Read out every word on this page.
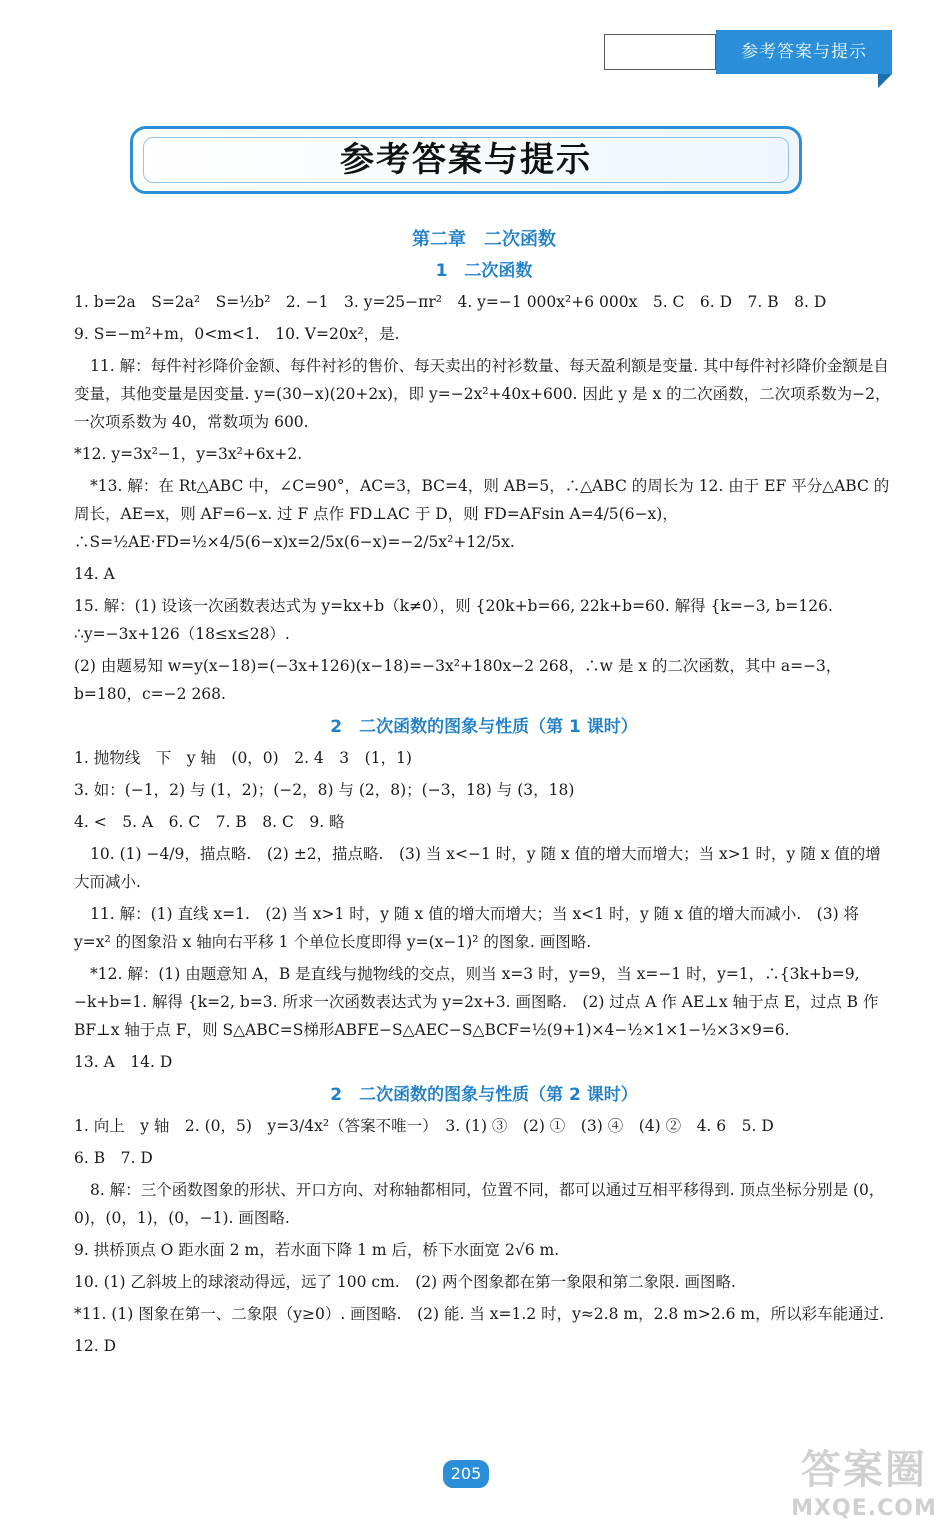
参考答案与提示
参考答案与提示
第二章　二次函数
1　二次函数

1. b=2a　S=2a²　S=½b²　2. −1　3. y=25−πr²　4. y=−1 000x²+6 000x　5. C　6. D　7. B　8. D

9. S=−m²+m，0<m<1.　10. V=20x²，是.

11. 解：每件衬衫降价金额、每件衬衫的售价、每天卖出的衬衫数量、每天盈利额是变量. 其中每件衬衫降价金额是自变量，其他变量是因变量. y=(30−x)(20+2x)，即 y=−2x²+40x+600. 因此 y 是 x 的二次函数，二次项系数为−2，一次项系数为 40，常数项为 600.

*12. y=3x²−1，y=3x²+6x+2.

*13. 解：在 Rt△ABC 中，∠C=90°，AC=3，BC=4，则 AB=5，∴△ABC 的周长为 12. 由于 EF 平分△ABC 的周长，AE=x，则 AF=6−x. 过 F 点作 FD⊥AC 于 D，则 FD=AFsin A=4/5(6−x)，∴S=½AE·FD=½×4/5(6−x)x=2/5x(6−x)=−2/5x²+12/5x.

14. A

15. 解：(1) 设该一次函数表达式为 y=kx+b（k≠0），则 {20k+b=66, 22k+b=60. 解得 {k=−3, b=126. ∴y=−3x+126（18≤x≤28）.

(2) 由题易知 w=y(x−18)=(−3x+126)(x−18)=−3x²+180x−2 268，∴w 是 x 的二次函数，其中 a=−3，b=180，c=−2 268.

2　二次函数的图象与性质（第 1 课时）

1. 抛物线　下　y 轴　(0，0)　2. 4　3　(1，1)

3. 如：(−1，2) 与 (1，2)；(−2，8) 与 (2，8)；(−3，18) 与 (3，18)

4. <　5. A　6. C　7. B　8. C　9. 略

10. (1) −4/9，描点略.　(2) ±2，描点略.　(3) 当 x<−1 时，y 随 x 值的增大而增大；当 x>1 时，y 随 x 值的增大而减小.

11. 解：(1) 直线 x=1.　(2) 当 x>1 时，y 随 x 值的增大而增大；当 x<1 时，y 随 x 值的增大而减小.　(3) 将 y=x² 的图象沿 x 轴向右平移 1 个单位长度即得 y=(x−1)² 的图象. 画图略.

*12. 解：(1) 由题意知 A，B 是直线与抛物线的交点，则当 x=3 时，y=9，当 x=−1 时，y=1，∴{3k+b=9, −k+b=1. 解得 {k=2, b=3. 所求一次函数表达式为 y=2x+3. 画图略.　(2) 过点 A 作 AE⊥x 轴于点 E，过点 B 作 BF⊥x 轴于点 F，则 S△ABC=S梯形ABFE−S△AEC−S△BCF=½(9+1)×4−½×1×1−½×3×9=6.

13. A　14. D

2　二次函数的图象与性质（第 2 课时）

1. 向上　y 轴　2. (0，5)　y=3/4x²（答案不唯一）　3. (1) ③　(2) ①　(3) ④　(4) ②　4. 6　5. D

6. B　7. D

8. 解：三个函数图象的形状、开口方向、对称轴都相同，位置不同，都可以通过互相平移得到. 顶点坐标分别是 (0，0)，(0，1)，(0，−1). 画图略.

9. 拱桥顶点 O 距水面 2 m，若水面下降 1 m 后，桥下水面宽 2√6 m.

10. (1) 乙斜坡上的球滚动得远，远了 100 cm.　(2) 两个图象都在第一象限和第二象限. 画图略.

*11. (1) 图象在第一、二象限（y≥0）. 画图略.　(2) 能. 当 x=1.2 时，y≈2.8 m，2.8 m>2.6 m，所以彩车能通过.

12. D

205	答案圈
MXQE.COM
